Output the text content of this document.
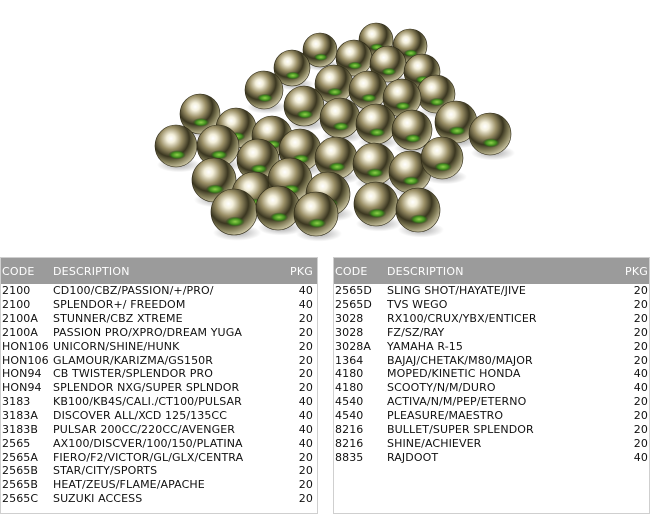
CODE	DESCRIPTION	PKG
2100	CD100/CBZ/PASSION/+/PRO/	40
2100	SPLENDOR+/ FREEDOM	40
2100A	STUNNER/CBZ XTREME	20
2100A	PASSION PRO/XPRO/DREAM YUGA	20
HON106 UNICORN/SHINE/HUNK	20
HON106 GLAMOUR/KARIZMA/GS150R	20
HON94	CB TWISTER/SPLENDOR PRO	20
HON94	SPLENDOR NXG/SUPER SPLNDOR	20
3183	KB100/KB4S/CALI./CT100/PULSAR	40
3183A	DISCOVER ALL/XCD 125/135CC	40
3183B	PULSAR 200CC/220CC/AVENGER	40
2565	AX100/DISCVER/100/150/PLATINA	40
2565A	FIERO/F2/VICTOR/GL/GLX/CENTRA	20
2565B	STAR/CITY/SPORTS	20
2565B	HEAT/ZEUS/FLAME/APACHE	20
2565C	SUZUKI ACCESS	20
CODE	DESCRIPTION	PKG
2565D	SLING SHOT/HAYATE/JIVE	20
2565D	TVS WEGO	20
3028	RX100/CRUX/YBX/ENTICER	20
3028	FZ/SZ/RAY	20
3028A	YAMAHA R-15	20
1364	BAJAJ/CHETAK/M80/MAJOR	20
4180	MOPED/KINETIC HONDA	40
4180	SCOOTY/N/M/DURO	40
4540	ACTIVA/N/M/PEP/ETERNO	20
4540	PLEASURE/MAESTRO	20
8216	BULLET/SUPER SPLENDOR	20
8216	SHINE/ACHIEVER	20
8835	RAJDOOT	40
